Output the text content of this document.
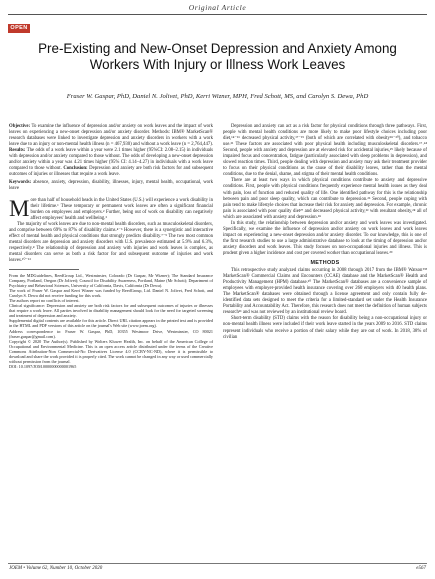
Original Article
OPEN
Pre-Existing and New-Onset Depression and Anxiety Among Workers With Injury or Illness Work Leaves
Fraser W. Gaspar, PhD, Daniel N. Jolivet, PhD, Kerri Wizner, MPH, Fred Schott, MS, and Carolyn S. Dewa, PhD

Objective: To examine the influence of depression and/or anxiety on work leaves and the impact of work leaves on experiencing a new-onset depression and/or anxiety disorder. Methods: IBM® MarketScan® research databases were linked to investigate depression and anxiety disorders in workers with a work leave due to an injury or non-mental health illness (n = 467,930) and without a work leave (n = 2,764,447). Results: The odds of a work leave within a year were 2.1 times higher (95%CI: 2.08–2.15) in individuals with depression and/or anxiety compared to those without. The odds of developing a new-onset depression and/or anxiety within a year was 4.21 times higher (95% CI: 4.14–4.27) in individuals with a work leave compared to those without. Conclusion: Depression and anxiety are both risk factors for and subsequent outcomes of injuries or illnesses that require a work leave.

Keywords: absence, anxiety, depression, disability, illnesses, injury, mental health, occupational, work leave

More than half of household heads in the United States (U.S.) will experience a work disability in their lifetime.¹ These temporary or permanent work leaves are often a significant financial burden on employees and employers.² Further, being out of work on disability can negatively affect employees' health and wellbeing.³

The majority of work leaves are due to non-mental health disorders, such as musculoskeletal disorders, and comprise between 69% to 87% of disability claims.⁴⁻⁶ However, there is a synergistic and interactive effect of mental health and physical conditions that strongly predicts disability.⁷⁻⁹ The two most common mental disorders are depression and anxiety disorders with U.S. prevalence estimated at 5.9% and 6.3%, respectively.⁸ The relationship of depression and anxiety with injuries and work leaves is complex, as mental disorders can serve as both a risk factor for and subsequent outcome of injuries and work leaves.¹⁰⁻¹³

From the MDGuidelines, ReedGroup Ltd., Westminster, Colorado (Dr Gaspar, Mr Wizner); The Standard Insurance Company, Portland, Oregon (Dr Jolivet); Council for Disability Awareness, Portland, Maine (Mr Schott); Department of Psychiatry and Behavioral Sciences, University of California, Davis, California (Dr Dewa).

The work of Fraser W. Gaspar and Kerri Wizner was funded by ReedGroup, Ltd. Daniel N. Jolivet, Fred Schott, and Carolyn S. Dewa did not receive funding for this work.

The authors report no conflicts of interest.

Clinical significance: Depression and anxiety are both risk factors for and subsequent outcomes of injuries or illnesses that require a work leave. All parties involved in disability management should look for the need for targeted screening and treatment of depression and anxiety.

Supplemental digital contents are available for this article. Direct URL citation appears in the printed text and is provided in the HTML and PDF versions of this article on the journal's Web site (www.joem.org).

Address correspondence to: Fraser W. Gaspar, PhD, 10355 Westmoor Drive, Westminster, CO 80021 (fraser.gaspar@gmail.com).

Copyright © 2020 The Author(s). Published by Wolters Kluwer Health, Inc. on behalf of the American College of Occupational and Environmental Medicine. This is an open access article distributed under the terms of the Creative Commons Attribution-Non Commercial-No Derivatives License 4.0 (CCBY-NC-ND), where it is permissible to download and share the work provided it is properly cited. The work cannot be changed in any way or used commercially without permission from the journal.

DOI: 10.1097/JOM.0000000000001965

Depression and anxiety can act as a risk factor for physical conditions through three pathways. First, people with mental health conditions are more likely to make poor lifestyle choices including poor diet,¹⁴⁻¹⁶ decreased physical activity,¹⁷⁻¹⁹ (both of which are correlated with obesity¹⁸⁻²⁰), and tobacco use.²¹ These factors are associated with poor physical health including musculoskeletal disorders.¹⁷˒²⁴ Second, people with anxiety and depression are at elevated risk for accidental injuries,²⁵ likely because of impaired focus and concentration, fatigue (particularly associated with sleep problems in depression), and slowed reaction times. Third, people dealing with depression and anxiety may ask their treatment provider to focus on their physical conditions as the cause of their disability leaves, rather than the mental conditions, due to the denial, shame, and stigma of their mental health conditions.

There are at least two ways in which physical conditions contribute to anxiety and depressive conditions. First, people with physical conditions frequently experience mental health issues as they deal with pain, loss of function and reduced quality of life. One identified pathway for this is the relationship between pain and poor sleep quality, which can contribute to depression.²⁶ Second, people coping with pain tend to make lifestyle choices that increase their risk for anxiety and depression. For example, chronic pain is associated with poor quality diet²⁷ and decreased physical activity,²³ with resultant obesity,²⁸ all of which are associated with anxiety and depression.¹⁸

In this study, the relationship between depression and/or anxiety and work leaves was investigated. Specifically, we examine the influence of depression and/or anxiety on work leaves and work leaves impact on experiencing a new-onset depression and/or anxiety disorder. To our knowledge, this is one of the first research studies to use a large administrative database to look at the timing of depression and/or anxiety disorders and work leaves. This study focuses on non-occupational injuries and illness. This is prudent given a higher incidence and cost per covered worker than occupational leaves.²⁹

METHODS

This retrospective study analyzed claims occurring in 2008 through 2017 from the IBM® Watson™ MarketScan® Commercial Claims and Encounters (CCAE) database and the MarketScan® Health and Productivity Management (HPM) database.³⁰ The MarketScan® databases are a convenience sample of employees with employer-provided health insurance covering over 260 employers with 40 health plans. The MarketScan® databases were obtained through a license agreement and only contain fully de-identified data sets designed to meet the criteria for a limited-standard set under the Health Insurance Portability and Accountability Act. Therefore, this research does not meet the definition of human subjects research³¹ and was not reviewed by an institutional review board.

Short-term disability (STD) claims with the reason for disability being a non-occupational injury or non-mental health illness were included if their work leave started in the years 2009 to 2016. STD claims represent individuals who receive a portion of their salary while they are out of work. In 2018, 38% of civilian

JOEM • Volume 62, Number 10, October 2020	e567
